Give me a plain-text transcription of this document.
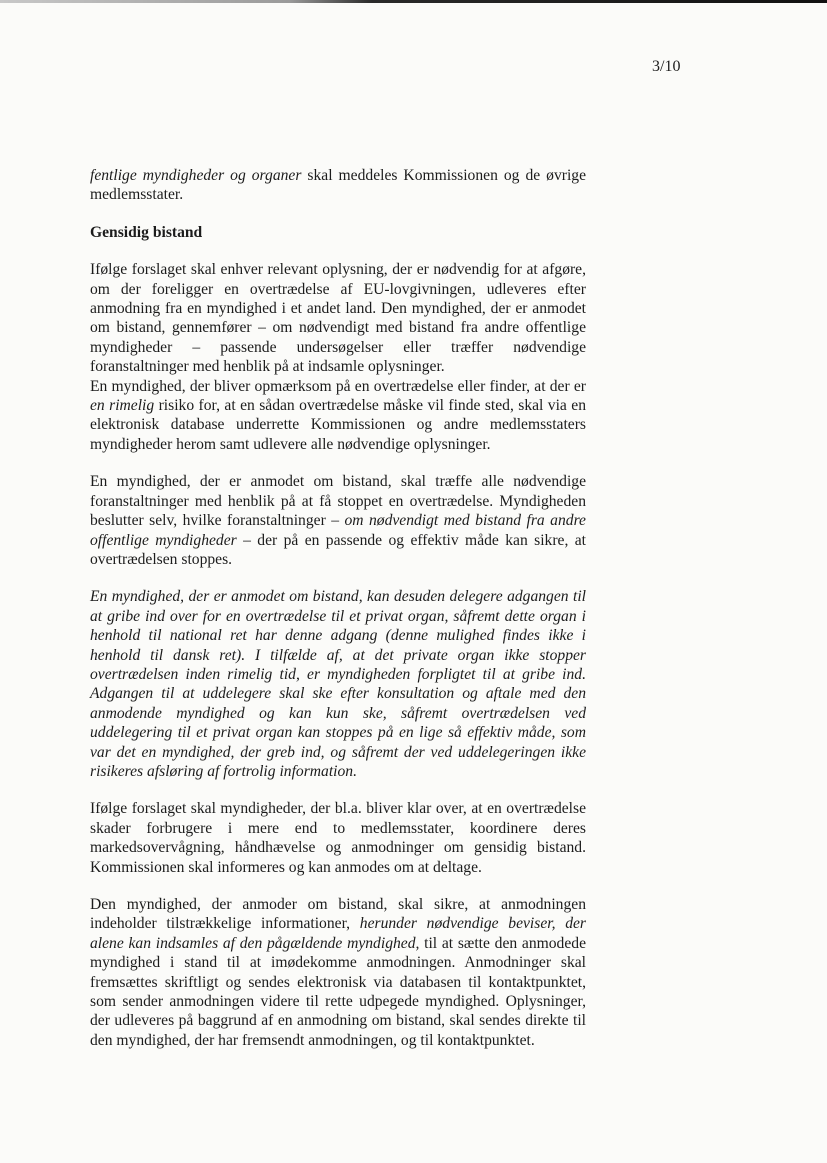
3/10

fentlige myndigheder og organer skal meddeles Kommissionen og de øvrige medlemsstater.

Gensidig bistand

Ifølge forslaget skal enhver relevant oplysning, der er nødvendig for at afgøre, om der foreligger en overtrædelse af EU-lovgivningen, udleveres efter anmodning fra en myndighed i et andet land. Den myndighed, der er anmodet om bistand, gennemfører – om nødvendigt med bistand fra andre offentlige myndigheder – passende undersøgelser eller træffer nødvendige foranstaltninger med henblik på at indsamle oplysninger.

En myndighed, der bliver opmærksom på en overtrædelse eller finder, at der er en rimelig risiko for, at en sådan overtrædelse måske vil finde sted, skal via en elektronisk database underrette Kommissionen og andre medlemsstaters myndigheder herom samt udlevere alle nødvendige oplysninger.

En myndighed, der er anmodet om bistand, skal træffe alle nødvendige foranstaltninger med henblik på at få stoppet en overtrædelse. Myndigheden beslutter selv, hvilke foranstaltninger – om nødvendigt med bistand fra andre offentlige myndigheder – der på en passende og effektiv måde kan sikre, at overtrædelsen stoppes.

En myndighed, der er anmodet om bistand, kan desuden delegere adgangen til at gribe ind over for en overtrædelse til et privat organ, såfremt dette organ i henhold til national ret har denne adgang (denne mulighed findes ikke i henhold til dansk ret). I tilfælde af, at det private organ ikke stopper overtrædelsen inden rimelig tid, er myndigheden forpligtet til at gribe ind. Adgangen til at uddelegere skal ske efter konsultation og aftale med den anmodende myndighed og kan kun ske, såfremt overtrædelsen ved uddelegering til et privat organ kan stoppes på en lige så effektiv måde, som var det en myndighed, der greb ind, og såfremt der ved uddelegeringen ikke risikeres afsløring af fortrolig information.

Ifølge forslaget skal myndigheder, der bl.a. bliver klar over, at en overtrædelse skader forbrugere i mere end to medlemsstater, koordinere deres markedsovervågning, håndhævelse og anmodninger om gensidig bistand. Kommissionen skal informeres og kan anmodes om at deltage.

Den myndighed, der anmoder om bistand, skal sikre, at anmodningen indeholder tilstrækkelige informationer, herunder nødvendige beviser, der alene kan indsamles af den pågældende myndighed, til at sætte den anmodede myndighed i stand til at imødekomme anmodningen. Anmodninger skal fremsættes skriftligt og sendes elektronisk via databasen til kontaktpunktet, som sender anmodningen videre til rette udpegede myndighed. Oplysninger, der udleveres på baggrund af en anmodning om bistand, skal sendes direkte til den myndighed, der har fremsendt anmodningen, og til kontaktpunktet.
